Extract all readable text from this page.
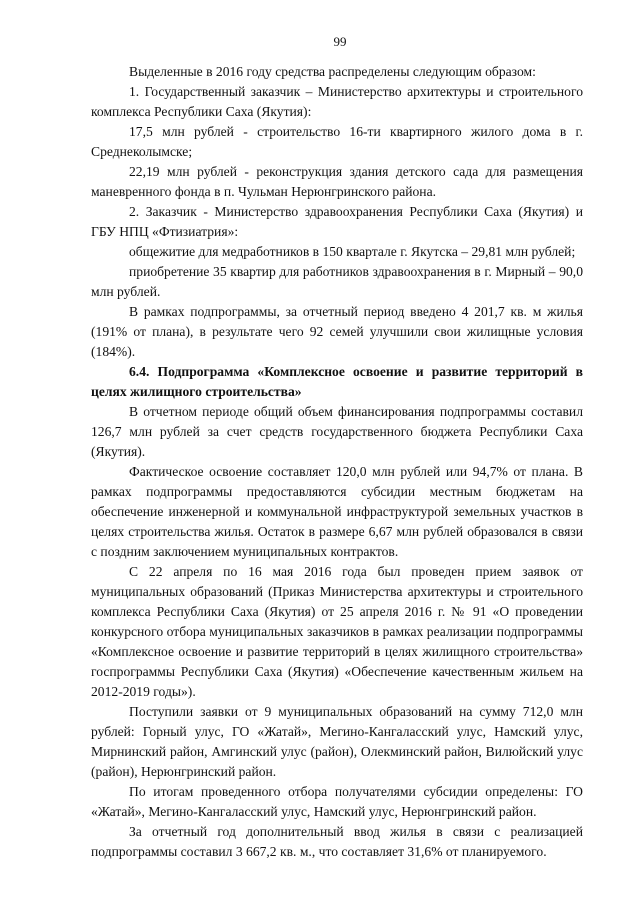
99

Выделенные в 2016 году средства распределены следующим образом:

1. Государственный заказчик – Министерство архитектуры и строительного комплекса Республики Саха (Якутия):

17,5 млн рублей - строительство 16-ти квартирного жилого дома в г. Среднеколымске;

22,19 млн рублей - реконструкция здания детского сада для размещения маневренного фонда в п. Чульман Нерюнгринского района.

2. Заказчик - Министерство здравоохранения Республики Саха (Якутия) и ГБУ НПЦ «Фтизиатрия»:

общежитие для медработников в 150 квартале г. Якутска – 29,81 млн рублей;

приобретение 35 квартир для работников здравоохранения в г. Мирный – 90,0 млн рублей.

В рамках подпрограммы, за отчетный период введено 4 201,7 кв. м жилья (191% от плана), в результате чего 92 семей улучшили свои жилищные условия (184%).

6.4. Подпрограмма «Комплексное освоение и развитие территорий в целях жилищного строительства»

В отчетном периоде общий объем финансирования подпрограммы составил 126,7 млн рублей за счет средств государственного бюджета Республики Саха (Якутия).

Фактическое освоение составляет 120,0 млн рублей или 94,7% от плана. В рамках подпрограммы предоставляются субсидии местным бюджетам на обеспечение инженерной и коммунальной инфраструктурой земельных участков в целях строительства жилья. Остаток в размере 6,67 млн рублей образовался в связи с поздним заключением муниципальных контрактов.

С 22 апреля по 16 мая 2016 года был проведен прием заявок от муниципальных образований (Приказ Министерства архитектуры и строительного комплекса Республики Саха (Якутия) от 25 апреля 2016 г. № 91 «О проведении конкурсного отбора муниципальных заказчиков в рамках реализации подпрограммы «Комплексное освоение и развитие территорий в целях жилищного строительства» госпрограммы Республики Саха (Якутия) «Обеспечение качественным жильем на 2012-2019 годы»).

Поступили заявки от 9 муниципальных образований на сумму 712,0 млн рублей: Горный улус, ГО «Жатай», Мегино-Кангаласский улус, Намский улус, Мирнинский район, Амгинский улус (район), Олекминский район, Вилюйский улус (район), Нерюнгринский район.

По итогам проведенного отбора получателями субсидии определены: ГО «Жатай», Мегино-Кангаласский улус, Намский улус, Нерюнгринский район.

За отчетный год дополнительный ввод жилья в связи с реализацией подпрограммы составил 3 667,2 кв. м., что составляет 31,6% от планируемого.
